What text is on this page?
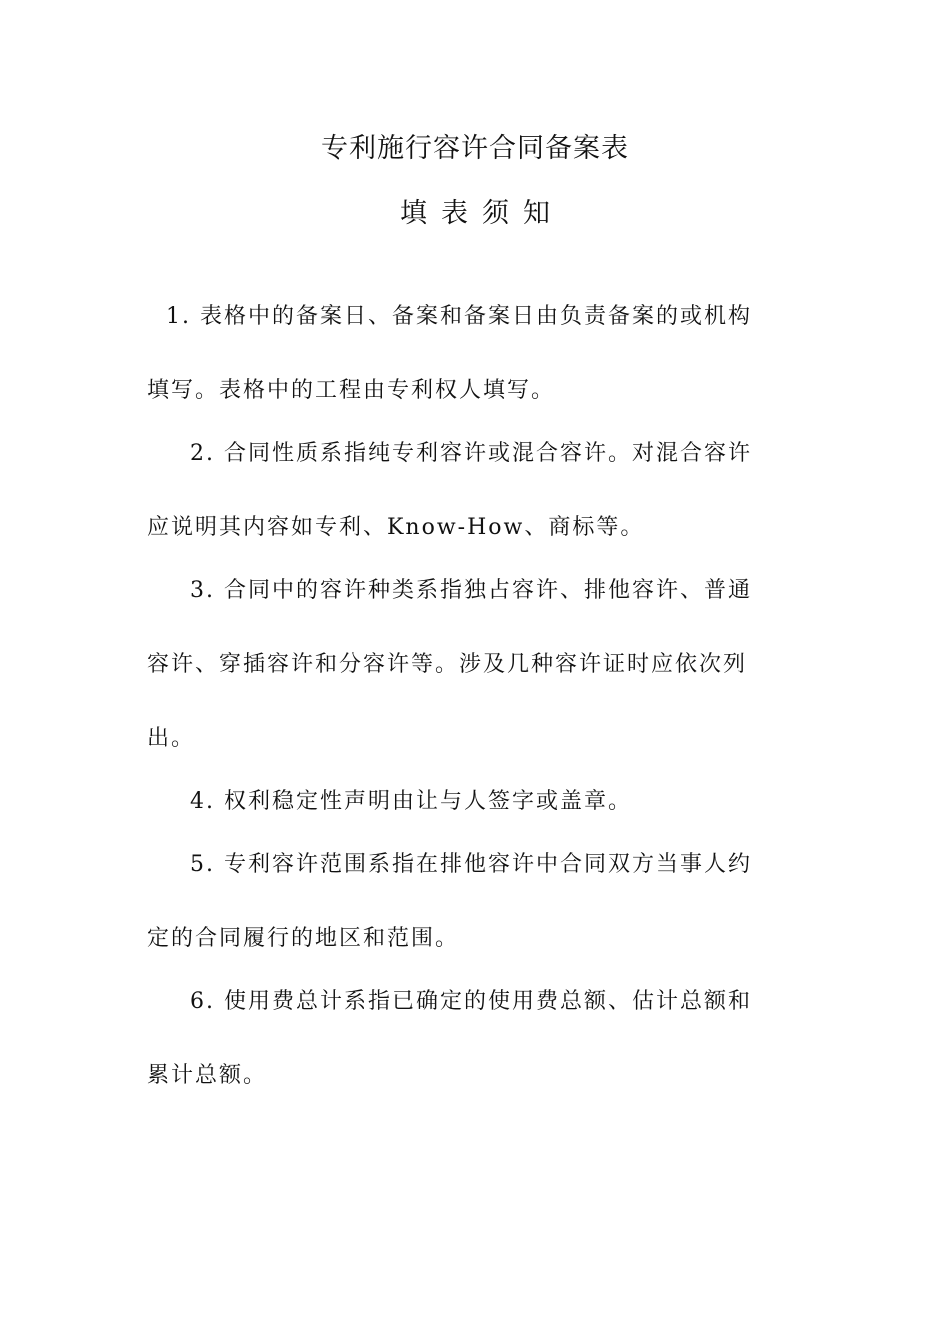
专利施行容许合同备案表
填表须知
1. 表格中的备案日、备案和备案日由负责备案的或机构
填写。表格中的工程由专利权人填写。
2. 合同性质系指纯专利容许或混合容许。对混合容许
应说明其内容如专利、Know-How、商标等。
3. 合同中的容许种类系指独占容许、排他容许、普通
容许、穿插容许和分容许等。涉及几种容许证时应依次列
出。
4. 权利稳定性声明由让与人签字或盖章。
5. 专利容许范围系指在排他容许中合同双方当事人约
定的合同履行的地区和范围。
6. 使用费总计系指已确定的使用费总额、估计总额和
累计总额。
